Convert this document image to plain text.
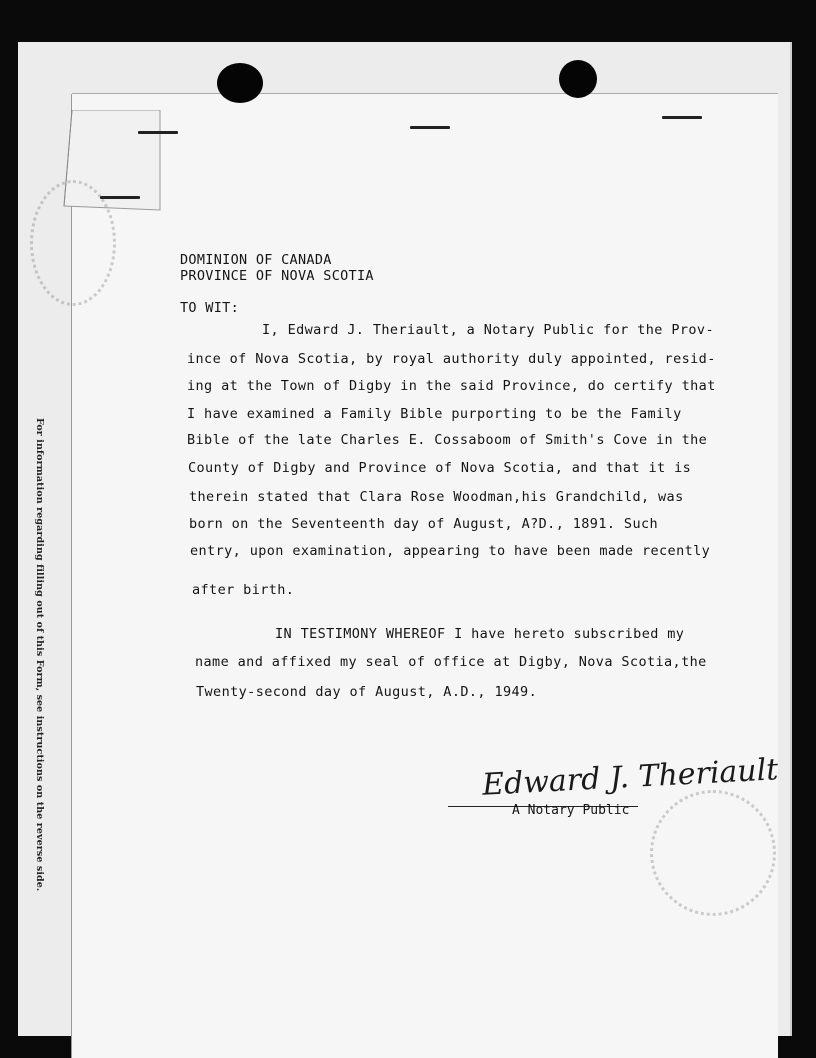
For information regarding filling out of this Form, see instructions on the reverse side.
DOMINION OF CANADA
PROVINCE OF NOVA SCOTIA
TO WIT:
I, Edward J. Theriault, a Notary Public for the Prov-
ince of Nova Scotia, by royal authority duly appointed, resid-
ing at the Town of Digby in the said Province, do certify that
I have examined a Family Bible purporting to be the Family
Bible of the late Charles E. Cossaboom of Smith's Cove in the
County of Digby and Province of Nova Scotia, and that it is
therein stated that Clara Rose Woodman,his Grandchild, was
born on the Seventeenth day of August, A?D., 1891. Such
entry, upon examination, appearing to have been made recently
after birth.
IN TESTIMONY WHEREOF I have hereto subscribed my
name and affixed my seal of office at Digby, Nova Scotia,the
Twenty-second day of August, A.D., 1949.
Edward J. Theriault
A Notary Public
